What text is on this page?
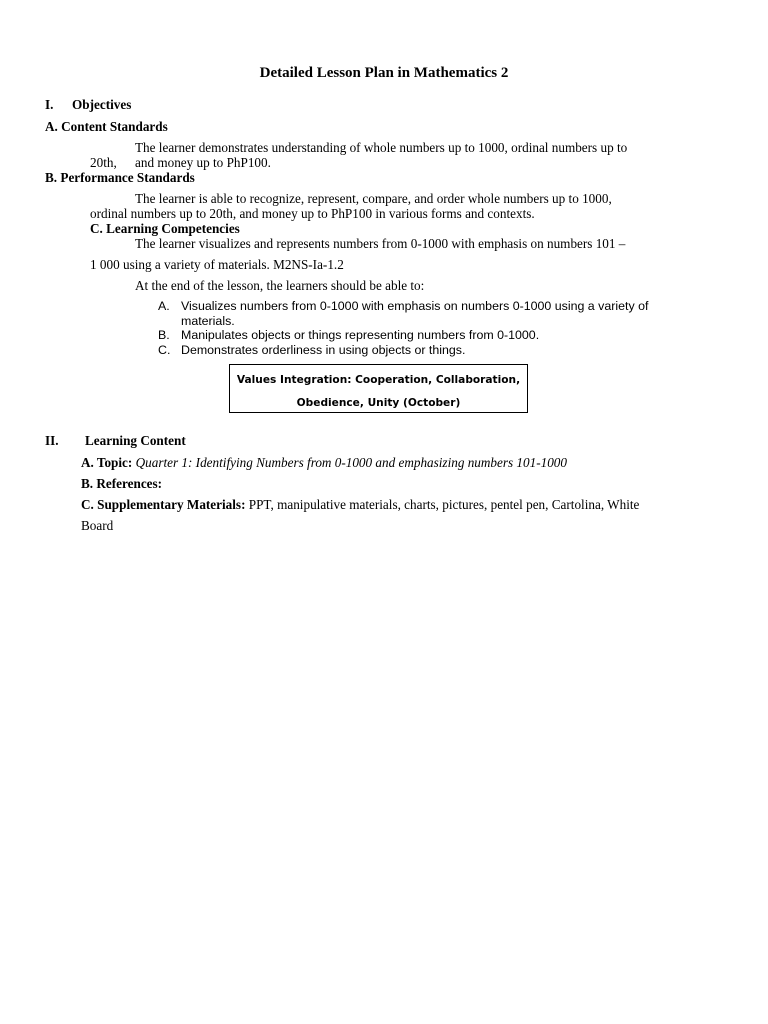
Detailed Lesson Plan in Mathematics 2
I. Objectives
A. Content Standards
The learner demonstrates understanding of whole numbers up to 1000, ordinal numbers up to
20th, and money up to PhP100.
B. Performance Standards
The learner is able to recognize, represent, compare, and order whole numbers up to 1000,
ordinal numbers up to 20th, and money up to PhP100 in various forms and contexts.
C. Learning Competencies
The learner visualizes and represents numbers from 0-1000 with emphasis on numbers 101 –
1 000 using a variety of materials. M2NS-Ia-1.2
At the end of the lesson, the learners should be able to:
A. Visualizes numbers from 0-1000 with emphasis on numbers 0-1000 using a variety of
materials.
B. Manipulates objects or things representing numbers from 0-1000.
C. Demonstrates orderliness in using objects or things.
Values Integration: Cooperation, Collaboration,
Obedience, Unity (October)
II. Learning Content
A. Topic: Quarter 1: Identifying Numbers from 0-1000 and emphasizing numbers 101-1000
B. References:
C. Supplementary Materials: PPT, manipulative materials, charts, pictures, pentel pen, Cartolina, White
Board
